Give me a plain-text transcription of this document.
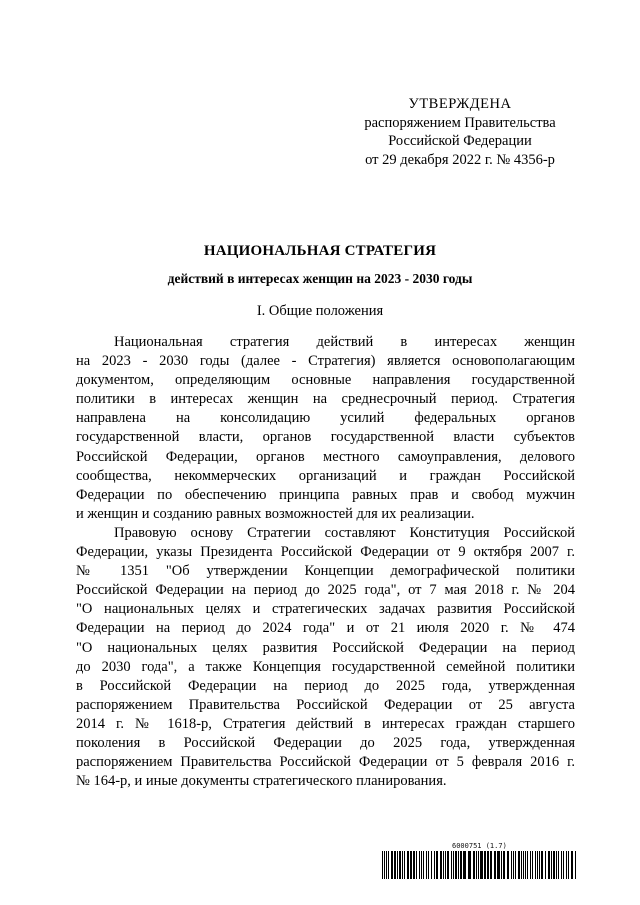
УТВЕРЖДЕНА
распоряжением Правительства
Российской Федерации
от 29 декабря 2022 г. № 4356-р
НАЦИОНАЛЬНАЯ СТРАТЕГИЯ
действий в интересах женщин на 2023 - 2030 годы
I. Общие положения

Национальная стратегия действий в интересах женщин
на 2023 - 2030 годы (далее - Стратегия) является основополагающим
документом, определяющим основные направления государственной
политики в интересах женщин на среднесрочный период. Стратегия
направлена на консолидацию усилий федеральных органов
государственной власти, органов государственной власти субъектов
Российской Федерации, органов местного самоуправления, делового
сообщества, некоммерческих организаций и граждан Российской
Федерации по обеспечению принципа равных прав и свобод мужчин
и женщин и созданию равных возможностей для их реализации.

Правовую основу Стратегии составляют Конституция Российской
Федерации, указы Президента Российской Федерации от 9 октября 2007 г.
№ 1351 "Об утверждении Концепции демографической политики
Российской Федерации на период до 2025 года", от 7 мая 2018 г. № 204
"О национальных целях и стратегических задачах развития Российской
Федерации на период до 2024 года" и от 21 июля 2020 г. № 474
"О национальных целях развития Российской Федерации на период
до 2030 года", а также Концепция государственной семейной политики
в Российской Федерации на период до 2025 года, утвержденная
распоряжением Правительства Российской Федерации от 25 августа
2014 г. № 1618-р, Стратегия действий в интересах граждан старшего
поколения в Российской Федерации до 2025 года, утвержденная
распоряжением Правительства Российской Федерации от 5 февраля 2016 г.
№ 164-р, и иные документы стратегического планирования.

6000751 (1.7)
